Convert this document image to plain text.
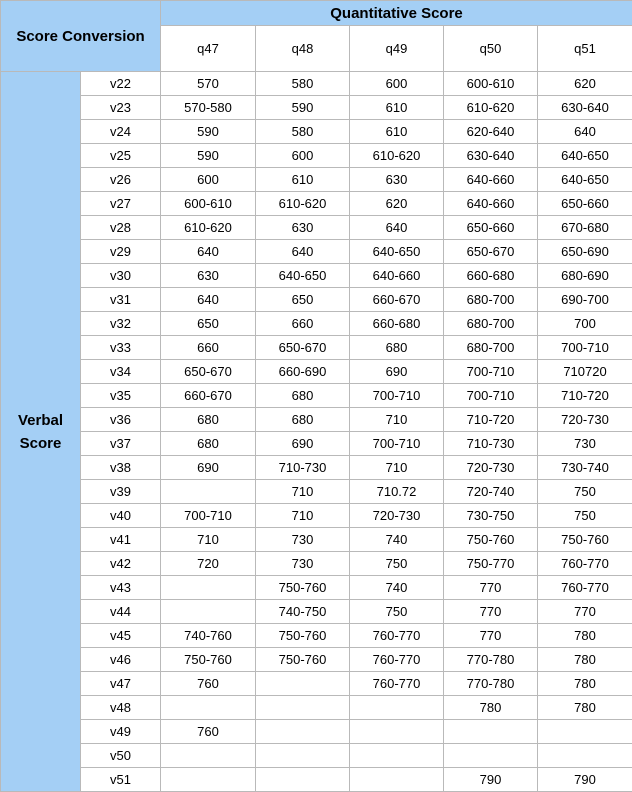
Score Conversion		Quantitative Score				
		q47	q48	q49	q50	q51
Verbal
Score	v22	570	580	600	600-610	620
	v23	570-580	590	610	610-620	630-640
	v24	590	580	610	620-640	640
	v25	590	600	610-620	630-640	640-650
	v26	600	610	630	640-660	640-650
	v27	600-610	610-620	620	640-660	650-660
	v28	610-620	630	640	650-660	670-680
	v29	640	640	640-650	650-670	650-690
	v30	630	640-650	640-660	660-680	680-690
	v31	640	650	660-670	680-700	690-700
	v32	650	660	660-680	680-700	700
	v33	660	650-670	680	680-700	700-710
	v34	650-670	660-690	690	700-710	710720
	v35	660-670	680	700-710	700-710	710-720
	v36	680	680	710	710-720	720-730
	v37	680	690	700-710	710-730	730
	v38	690	710-730	710	720-730	730-740
	v39		710	710.72	720-740	750
	v40	700-710	710	720-730	730-750	750
	v41	710	730	740	750-760	750-760
	v42	720	730	750	750-770	760-770
	v43		750-760	740	770	760-770
	v44		740-750	750	770	770
	v45	740-760	750-760	760-770	770	780
	v46	750-760	750-760	760-770	770-780	780
	v47	760		760-770	770-780	780
	v48				780	780
	v49	760				
	v50					
	v51				790	790
